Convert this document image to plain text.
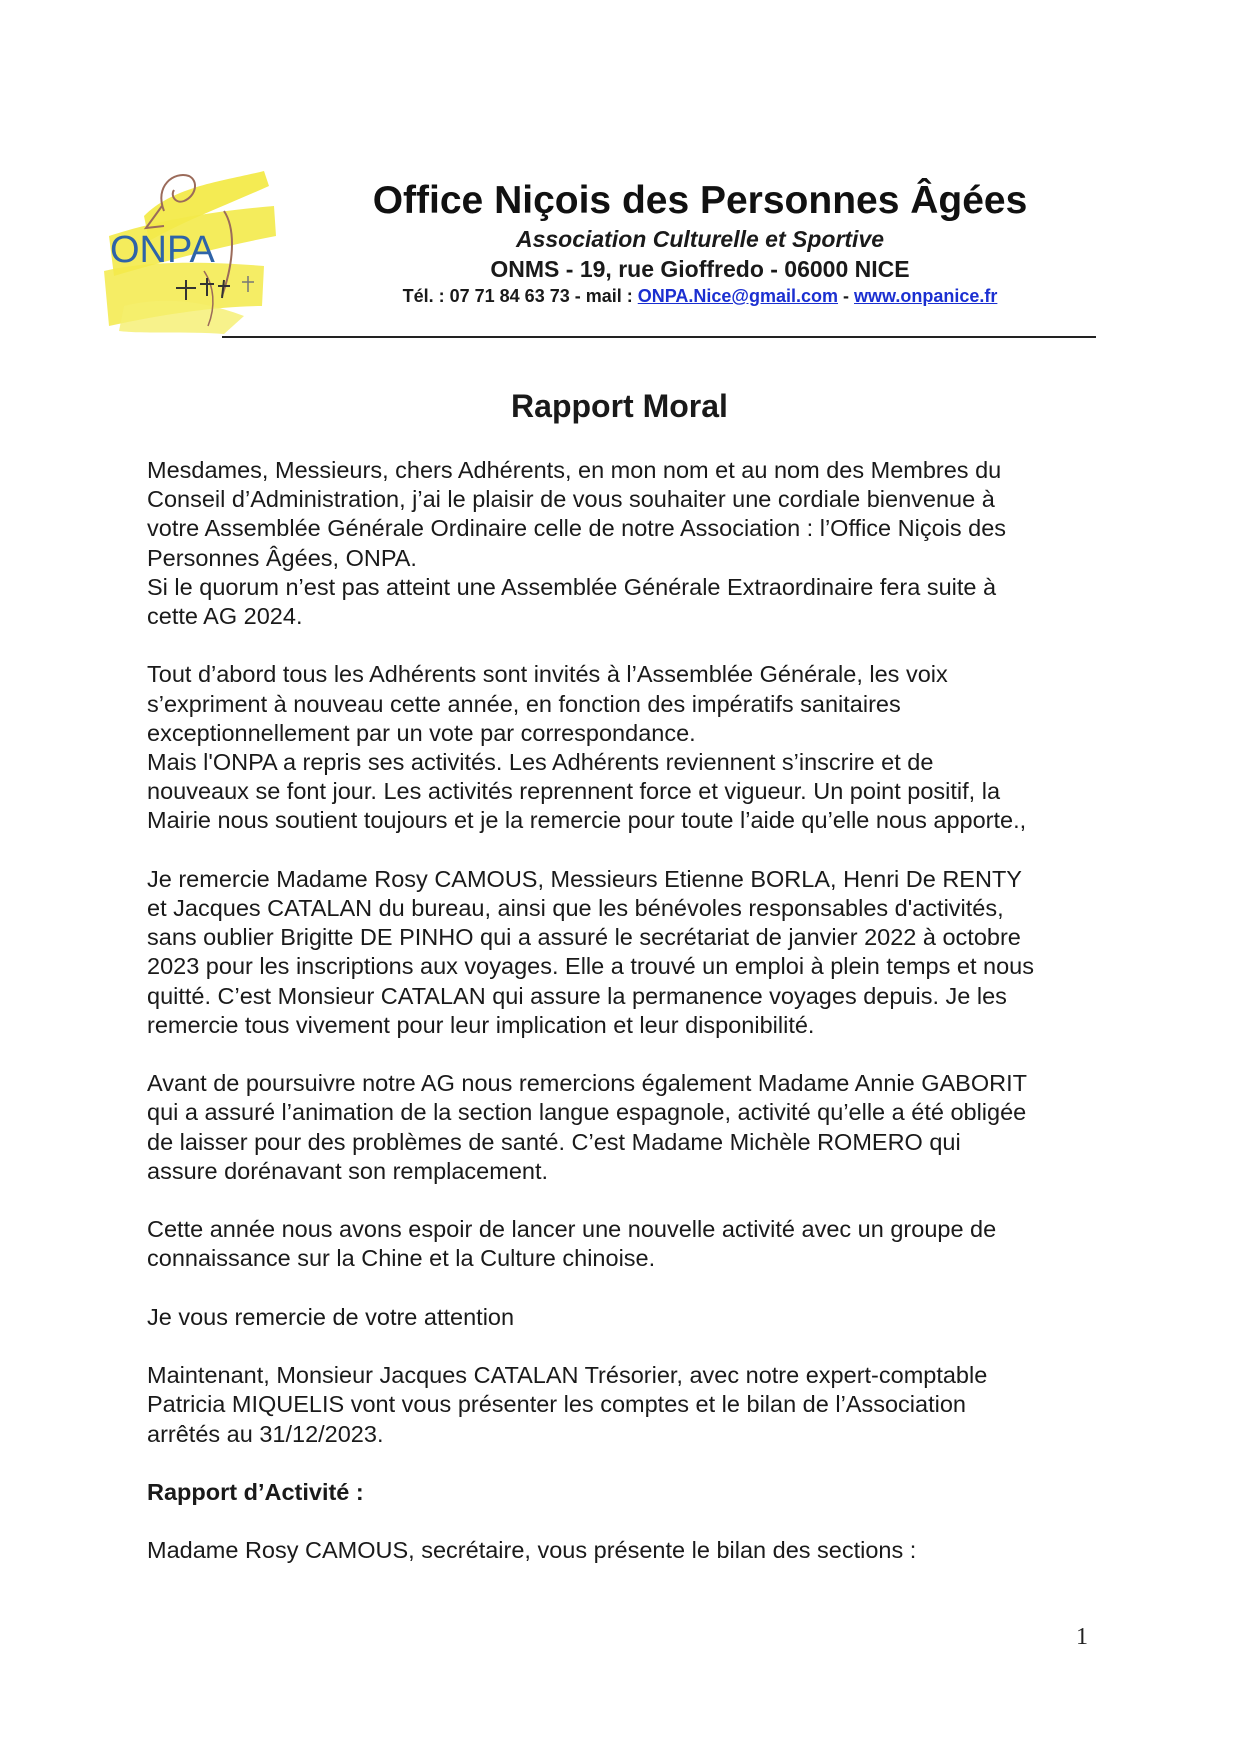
ONPA

Office Niçois des Personnes Âgées

Association Culturelle et Sportive

ONMS - 19, rue Gioffredo - 06000 NICE

Tél. : 07 71 84 63 73 - mail : ONPA.Nice@gmail.com - www.onpanice.fr

Rapport Moral

Mesdames, Messieurs, chers Adhérents, en mon nom et au nom des Membres du
Conseil d’Administration, j’ai le plaisir de vous souhaiter une cordiale bienvenue à
votre Assemblée Générale Ordinaire celle de notre Association : l’Office Niçois des
Personnes Âgées, ONPA.
Si le quorum n’est pas atteint une Assemblée Générale Extraordinaire fera suite à
cette AG 2024.

Tout d’abord tous les Adhérents sont invités à l’Assemblée Générale, les voix
s’expriment à nouveau cette année, en fonction des impératifs sanitaires
exceptionnellement par un vote par correspondance.
Mais l'ONPA a repris ses activités. Les Adhérents reviennent s’inscrire et de
nouveaux se font jour. Les activités reprennent force et vigueur. Un point positif, la
Mairie nous soutient toujours et je la remercie pour toute l’aide qu’elle nous apporte.,

Je remercie Madame Rosy CAMOUS, Messieurs Etienne BORLA, Henri De RENTY
et Jacques CATALAN du bureau, ainsi que les bénévoles responsables d'activités,
sans oublier Brigitte DE PINHO qui a assuré le secrétariat de janvier 2022 à octobre
2023 pour les inscriptions aux voyages. Elle a trouvé un emploi à plein temps et nous
quitté. C’est Monsieur CATALAN qui assure la permanence voyages depuis. Je les
remercie tous vivement pour leur implication et leur disponibilité.

Avant de poursuivre notre AG nous remercions également Madame Annie GABORIT
qui a assuré l’animation de la section langue espagnole, activité qu’elle a été obligée
de laisser pour des problèmes de santé. C’est Madame Michèle ROMERO qui
assure dorénavant son remplacement.

Cette année nous avons espoir de lancer une nouvelle activité avec un groupe de
connaissance sur la Chine et la Culture chinoise.

Je vous remercie de votre attention

Maintenant, Monsieur Jacques CATALAN Trésorier, avec notre expert-comptable
Patricia MIQUELIS vont vous présenter les comptes et le bilan de l’Association
arrêtés au 31/12/2023.

Rapport d’Activité :

Madame Rosy CAMOUS, secrétaire, vous présente le bilan des sections :

1
